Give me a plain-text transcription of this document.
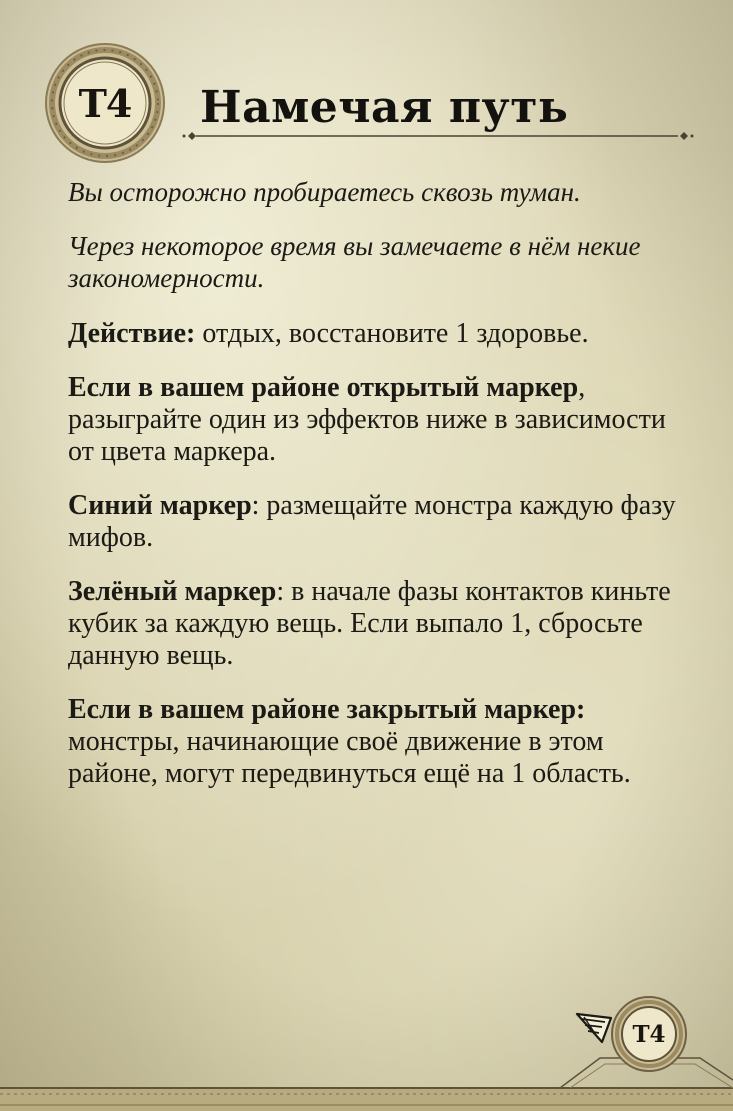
T4	Намечая путь

Вы осторожно пробираетесь сквозь туман.

Через некоторое время вы замечаете в нём некие закономерности.

Действие: отдых, восстановите 1 здоровье.

Если в вашем районе открытый маркер, разыграйте один из эффектов ниже в зависимости от цвета маркера.

Синий маркер: размещайте монстра каждую фазу мифов.

Зелёный маркер: в начале фазы контактов киньте кубик за каждую вещь. Если выпало 1, сбросьте данную вещь.

Если в вашем районе закрытый маркер: монстры, начинающие своё движение в этом районе, могут передвинуться ещё на 1 область.

T4
